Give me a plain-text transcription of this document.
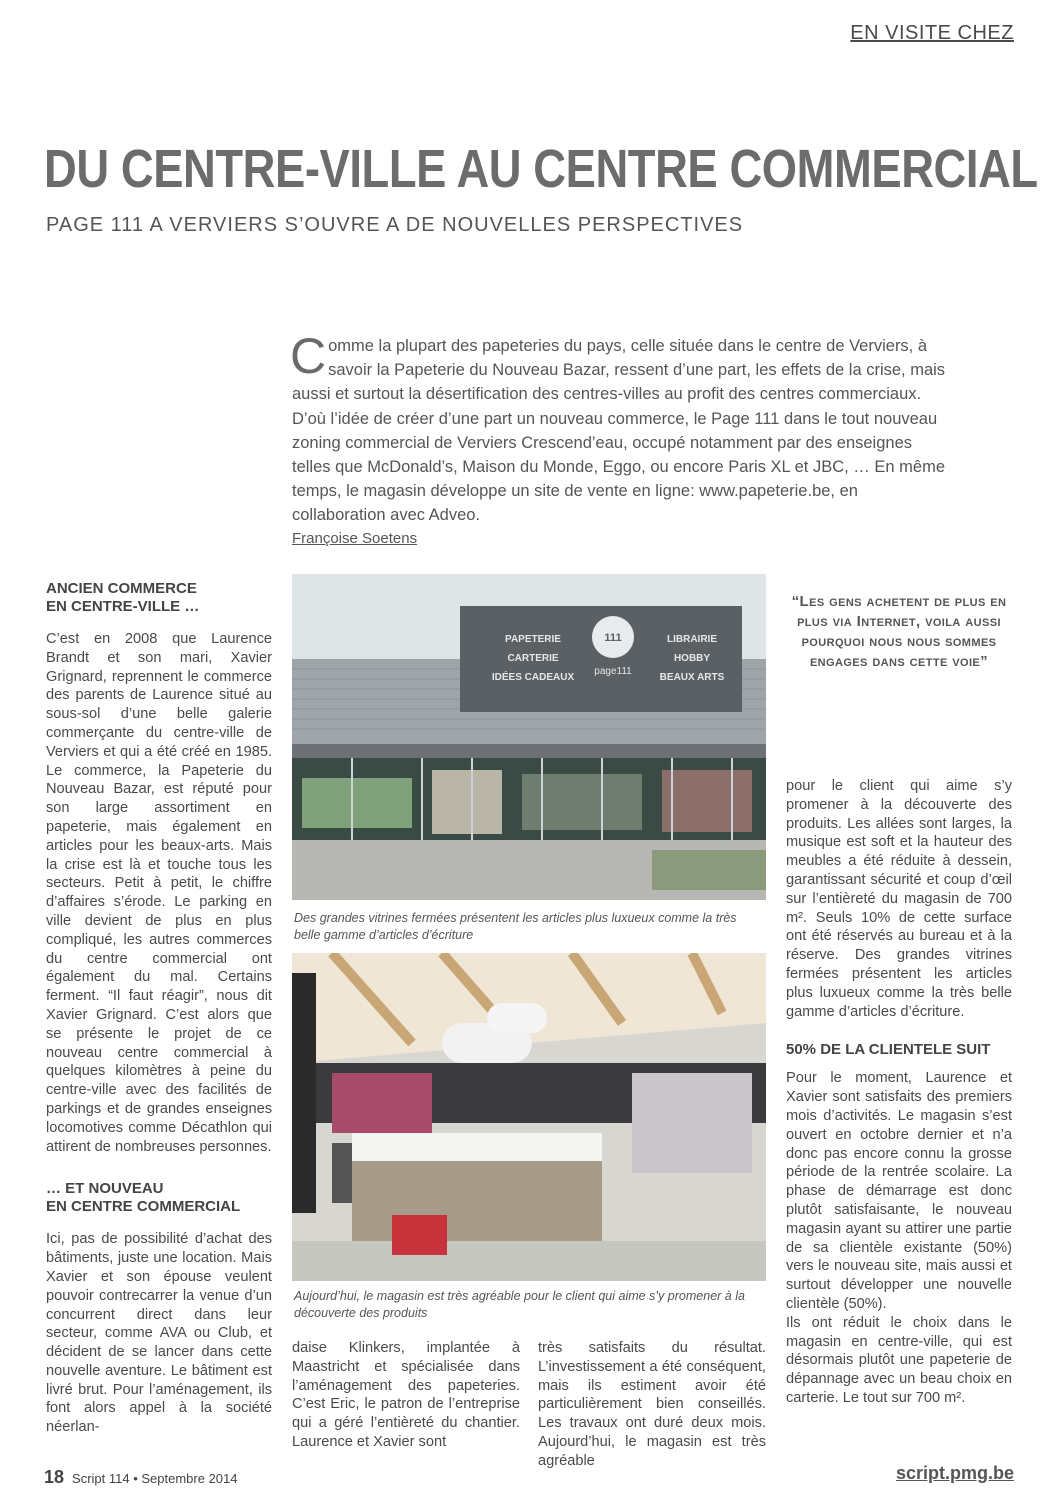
EN VISITE CHEZ
DU CENTRE-VILLE AU CENTRE COMMERCIAL
PAGE 111 A VERVIERS S’OUVRE A DE NOUVELLES PERSPECTIVES
Comme la plupart des papeteries du pays, celle située dans le centre de Verviers, à savoir la Papeterie du Nouveau Bazar, ressent d’une part, les effets de la crise, mais aussi et surtout la désertification des centres-villes au profit des centres commerciaux. D’où l’idée de créer d’une part un nouveau commerce, le Page 111 dans le tout nouveau zoning commercial de Verviers Crescend’eau, occupé notamment par des enseignes telles que McDonald’s, Maison du Monde, Eggo, ou encore Paris XL et JBC, … En même temps, le magasin développe un site de vente en ligne: www.papeterie.be, en collaboration avec Adveo.
Françoise Soetens
ANCIEN COMMERCE
EN CENTRE-VILLE …

C’est en 2008 que Laurence Brandt et son mari, Xavier Grignard, reprennent le commerce des parents de Laurence situé au sous-sol d’une belle galerie commerçante du centre-ville de Verviers et qui a été créé en 1985. Le commerce, la Papeterie du Nouveau Bazar, est réputé pour son large assortiment en papeterie, mais également en articles pour les beaux-arts. Mais la crise est là et touche tous les secteurs. Petit à petit, le chiffre d’affaires s’érode. Le parking en ville devient de plus en plus compliqué, les autres commerces du centre commercial ont également du mal. Certains ferment. “Il faut réagir”, nous dit Xavier Grignard. C’est alors que se présente le projet de ce nouveau centre commercial à quelques kilomètres à peine du centre-ville avec des facilités de parkings et de grandes enseignes locomotives comme Décathlon qui attirent de nombreuses personnes.

… ET NOUVEAU
EN CENTRE COMMERCIAL

Ici, pas de possibilité d’achat des bâtiments, juste une location. Mais Xavier et son épouse veulent pouvoir contrecarrer la venue d’un concurrent direct dans leur secteur, comme AVA ou Club, et décident de se lancer dans cette nouvelle aventure. Le bâtiment est livré brut. Pour l’aménagement, ils font alors appel à la société néerlan-

PAPETERIE
CARTERIE
IDÉES CADEAUX
111
page111
LIBRAIRIE
HOBBY
BEAUX ARTS
Des grandes vitrines fermées présentent les articles plus luxueux comme la très belle gamme d’articles d’écriture
Aujourd’hui, le magasin est très agréable pour le client qui aime s’y promener à la découverte des produits

daise Klinkers, implantée à Maastricht et spécialisée dans l’aménagement des papeteries. C’est Eric, le patron de l’entreprise qui a géré l’entièreté du chantier. Laurence et Xavier sont

très satisfaits du résultat. L’investissement a été conséquent, mais ils estiment avoir été particulièrement bien conseillés. Les travaux ont duré deux mois. Aujourd’hui, le magasin est très agréable

“Les gens achetent de plus en plus via Internet, voila aussi pourquoi nous nous sommes engages dans cette voie”

pour le client qui aime s’y promener à la découverte des produits. Les allées sont larges, la musique est soft et la hauteur des meubles a été réduite à dessein, garantissant sécurité et coup d’œil sur l’entièreté du magasin de 700 m². Seuls 10% de cette surface ont été réservés au bureau et à la réserve. Des grandes vitrines fermées présentent les articles plus luxueux comme la très belle gamme d’articles d’écriture.

50% DE LA CLIENTELE SUIT

Pour le moment, Laurence et Xavier sont satisfaits des premiers mois d’activités. Le magasin s’est ouvert en octobre dernier et n’a donc pas encore connu la grosse période de la rentrée scolaire. La phase de démarrage est donc plutôt satisfaisante, le nouveau magasin ayant su attirer une partie de sa clientèle existante (50%) vers le nouveau site, mais aussi et surtout développer une nouvelle clientèle (50%).

Ils ont réduit le choix dans le magasin en centre-ville, qui est désormais plutôt une papeterie de dépannage avec un beau choix en carterie. Le tout sur 700 m².

18 Script 114 • Septembre 2014	script.pmg.be
